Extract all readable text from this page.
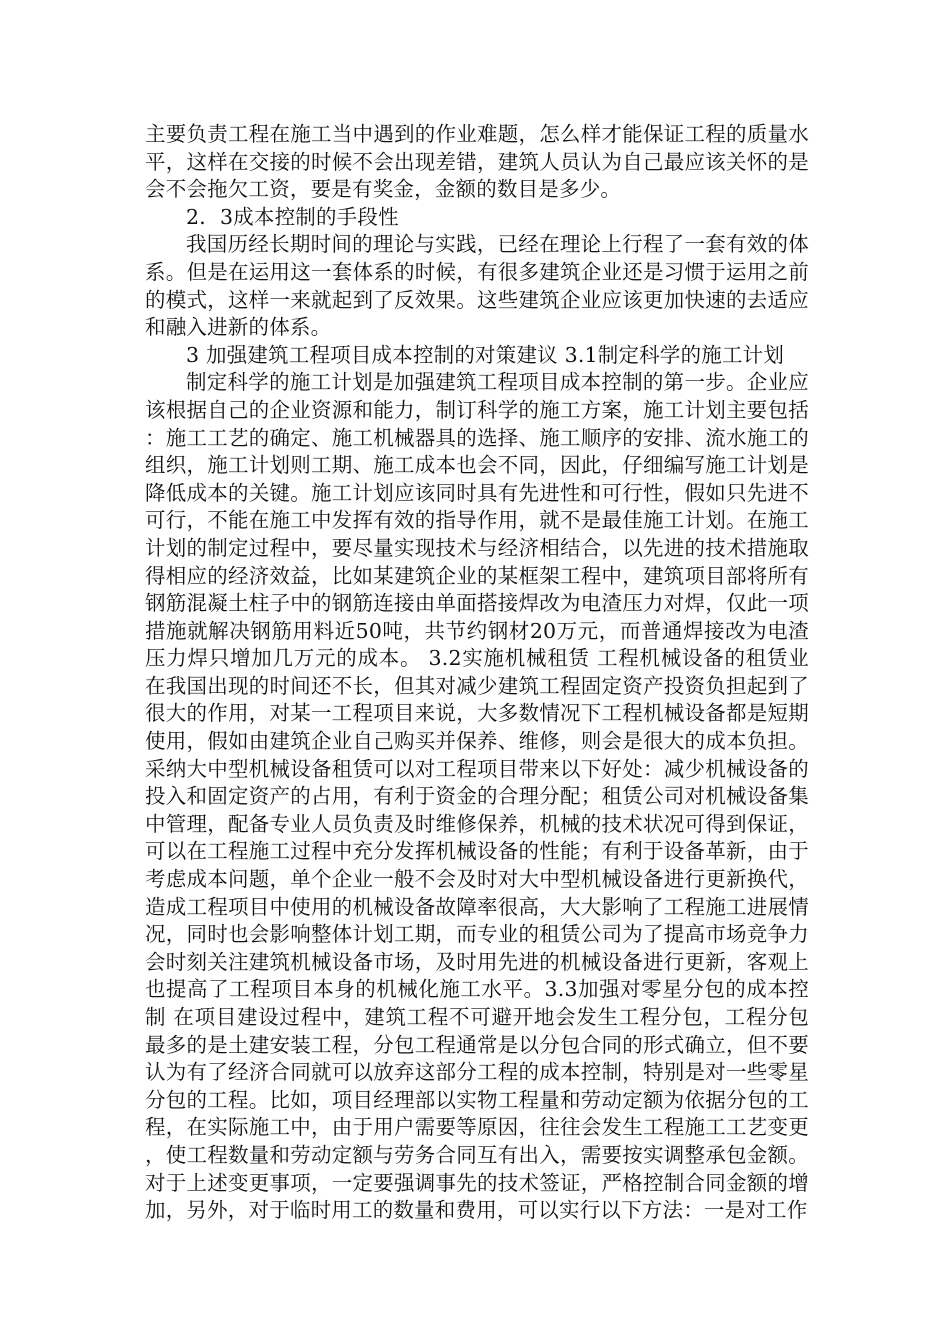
主要负责工程在施工当中遇到的作业难题，怎么样才能保证工程的质量水平，这样在交接的时候不会出现差错，建筑人员认为自己最应该关怀的是会不会拖欠工资，要是有奖金，金额的数目是多少。

2．3成本控制的手段性

我国历经长期时间的理论与实践，已经在理论上行程了一套有效的体系。但是在运用这一套体系的时候，有很多建筑企业还是习惯于运用之前的模式，这样一来就起到了反效果。这些建筑企业应该更加快速的去适应和融入进新的体系。

3 加强建筑工程项目成本控制的对策建议 3.1制定科学的施工计划

制定科学的施工计划是加强建筑工程项目成本控制的第一步。企业应该根据自己的企业资源和能力，制订科学的施工方案，施工计划主要包括：施工工艺的确定、施工机械器具的选择、施工顺序的安排、流水施工的组织，施工计划则工期、施工成本也会不同，因此，仔细编写施工计划是降低成本的关键。施工计划应该同时具有先进性和可行性，假如只先进不可行，不能在施工中发挥有效的指导作用，就不是最佳施工计划。在施工计划的制定过程中，要尽量实现技术与经济相结合，以先进的技术措施取得相应的经济效益，比如某建筑企业的某框架工程中，建筑项目部将所有钢筋混凝土柱子中的钢筋连接由单面搭接焊改为电渣压力对焊，仅此一项措施就解决钢筋用料近50吨，共节约钢材20万元，而普通焊接改为电渣压力焊只增加几万元的成本。 3.2实施机械租赁 工程机械设备的租赁业在我国出现的时间还不长，但其对减少建筑工程固定资产投资负担起到了很大的作用，对某一工程项目来说，大多数情况下工程机械设备都是短期使用，假如由建筑企业自己购买并保养、维修，则会是很大的成本负担。采纳大中型机械设备租赁可以对工程项目带来以下好处：减少机械设备的投入和固定资产的占用，有利于资金的合理分配；租赁公司对机械设备集中管理，配备专业人员负责及时维修保养，机械的技术状况可得到保证，可以在工程施工过程中充分发挥机械设备的性能；有利于设备革新，由于考虑成本问题，单个企业一般不会及时对大中型机械设备进行更新换代，造成工程项目中使用的机械设备故障率很高，大大影响了工程施工进展情况，同时也会影响整体计划工期，而专业的租赁公司为了提高市场竞争力会时刻关注建筑机械设备市场，及时用先进的机械设备进行更新，客观上也提高了工程项目本身的机械化施工水平。3.3加强对零星分包的成本控制 在项目建设过程中，建筑工程不可避开地会发生工程分包，工程分包最多的是土建安装工程，分包工程通常是以分包合同的形式确立，但不要认为有了经济合同就可以放弃这部分工程的成本控制，特别是对一些零星分包的工程。比如，项目经理部以实物工程量和劳动定额为依据分包的工程，在实际施工中，由于用户需要等原因，往往会发生工程施工工艺变更，使工程数量和劳动定额与劳务合同互有出入，需要按实调整承包金额。对于上述变更事项，一定要强调事先的技术签证，严格控制合同金额的增加，另外，对于临时用工的数量和费用，可以实行以下方法：一是对工作
